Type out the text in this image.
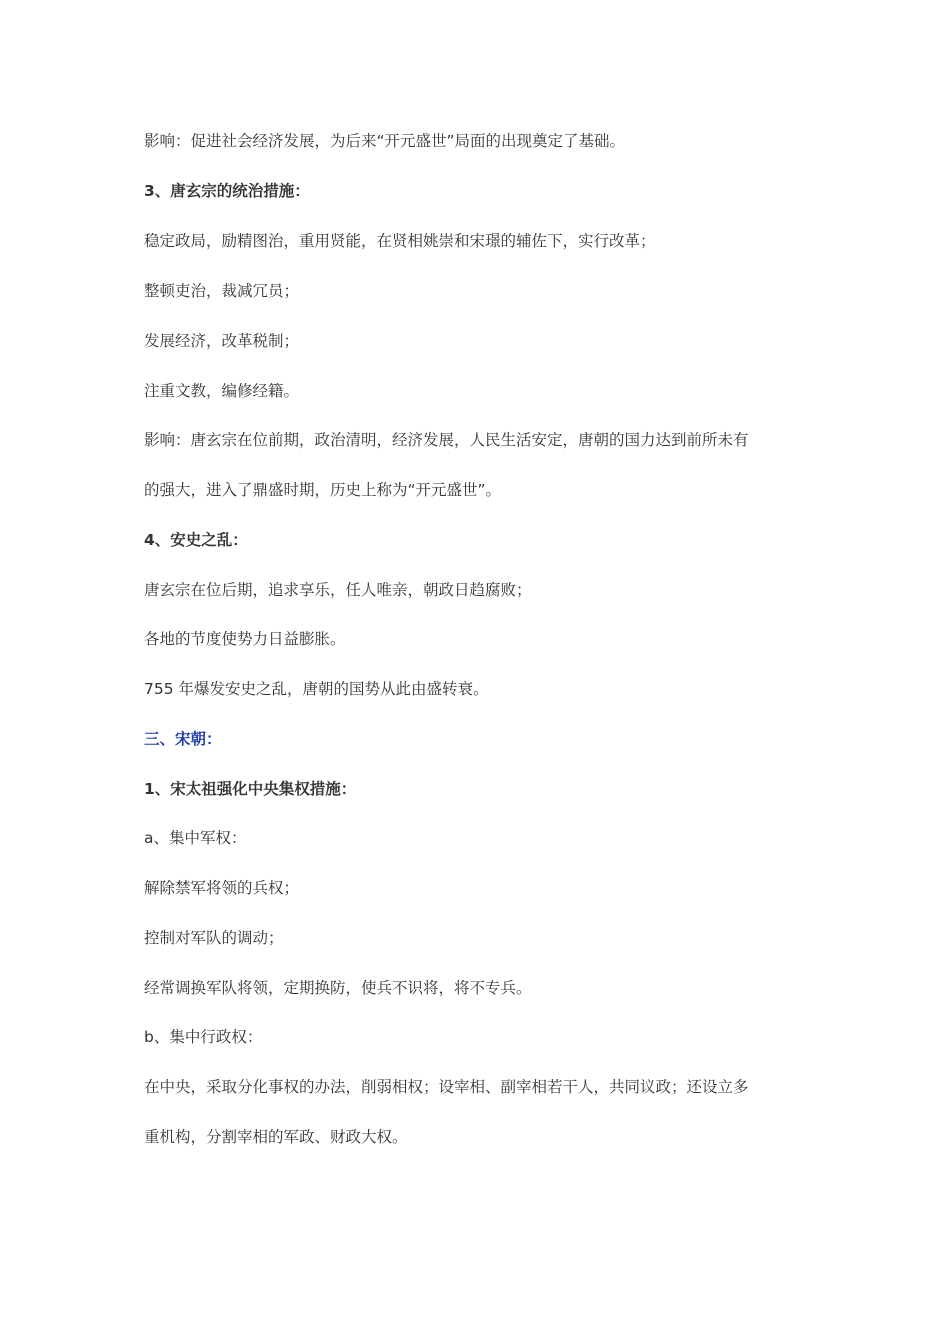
影响：促进社会经济发展，为后来“开元盛世”局面的出现奠定了基础。
3、唐玄宗的统治措施：
稳定政局，励精图治，重用贤能，在贤相姚崇和宋璟的辅佐下，实行改革；
整顿吏治，裁减冗员；
发展经济，改革税制；
注重文教，编修经籍。
影响：唐玄宗在位前期，政治清明，经济发展，人民生活安定，唐朝的国力达到前所未有
的强大，进入了鼎盛时期，历史上称为“开元盛世”。
4、安史之乱：
唐玄宗在位后期，追求享乐，任人唯亲，朝政日趋腐败；
各地的节度使势力日益膨胀。
755 年爆发安史之乱，唐朝的国势从此由盛转衰。
三、宋朝：
1、宋太祖强化中央集权措施：
a、集中军权：
解除禁军将领的兵权；
控制对军队的调动；
经常调换军队将领，定期换防，使兵不识将，将不专兵。
b、集中行政权：
在中央，采取分化事权的办法，削弱相权；设宰相、副宰相若干人，共同议政；还设立多
重机构，分割宰相的军政、财政大权。
